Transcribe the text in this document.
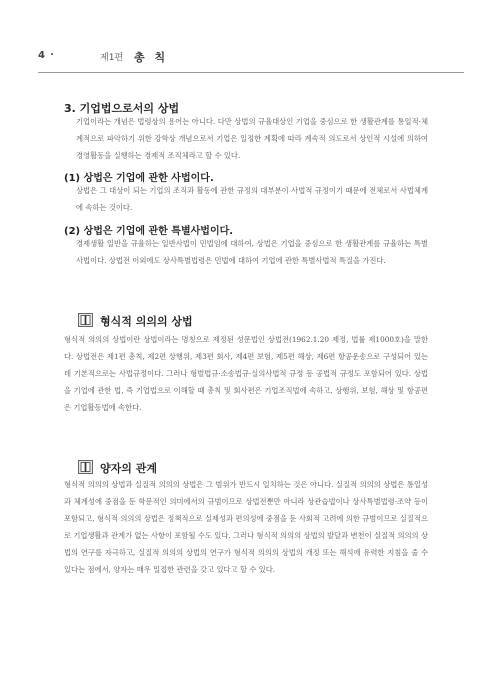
4 •	제1편 총 칙
3. 기업법으로서의 상법

기업이라는 개념은 법령상의 용어는 아니다. 다만 상법의 규율대상인 기업을 중심으로 한 생활관계를 통일적·체계적으로 파악하기 위한 강학상 개념으로서 기업은 일정한 계획에 따라 계속적 의도로서 상인적 시설에 의하여 경영활동을 실행하는 경제적 조직체라고 할 수 있다.

(1) 상법은 기업에 관한 사법이다.

상법은 그 대상이 되는 기업의 조직과 활동에 관한 규정의 대부분이 사법적 규정이기 때문에 전체로서 사법체계에 속하는 것이다.

(2) 상법은 기업에 관한 특별사법이다.

경제생활 일반을 규율하는 일반사법이 민법임에 대하여, 상법은 기업을 중심으로 한 생활관계를 규율하는 특별사법이다. 상법전 이외에도 상사특별법령은 민법에 대하여 기업에 관한 특별사법적 특질을 가진다.

형식적 의의의 상법

형식적 의의의 상법이란 상법이라는 명칭으로 제정된 성문법인 상법전(1962.1.20 제정, 법률 제1000호)을 말한다. 상법전은 제1편 총칙, 제2편 상행위, 제3편 회사, 제4편 보험, 제5편 해상, 제6편 항공운송으로 구성되어 있는데 기본적으로는 사법규정이다. 그러나 형벌법규·소송법규·실의사법적 규정 등 공법적 규정도 포함되어 있다. 상법을 기업에 관한 법, 즉 기업법으로 이해할 때 총칙 및 회사편은 기업조직법에 속하고, 상행위, 보험, 해상 및 항공편은 기업활동법에 속한다.

양자의 관계

형식적 의의의 상법과 실질적 의의의 상법은 그 범위가 반드시 일치하는 것은 아니다. 실질적 의의의 상법은 통일성과 체계성에 중점을 둔 학문적인 의미에서의 규범이므로 상법전뿐만 아니라 상관습법이나 상사특별법령·조약 등이 포함되고, 형식적 의의의 상법은 정책적으로 실제성과 편의성에 중점을 둔 사회적 고려에 의한 규범이므로 실질적으로 기업생활과 관계가 없는 사항이 포함될 수도 있다. 그러나 형식적 의의의 상법의 발달과 변천이 실질적 의의의 상법의 연구를 자극하고, 실질적 의의의 상법의 연구가 형식적 의의의 상법의 개정 또는 해석에 유력한 지침을 줄 수 있다는 점에서, 양자는 매우 밀접한 관련을 갖고 있다고 할 수 있다.
